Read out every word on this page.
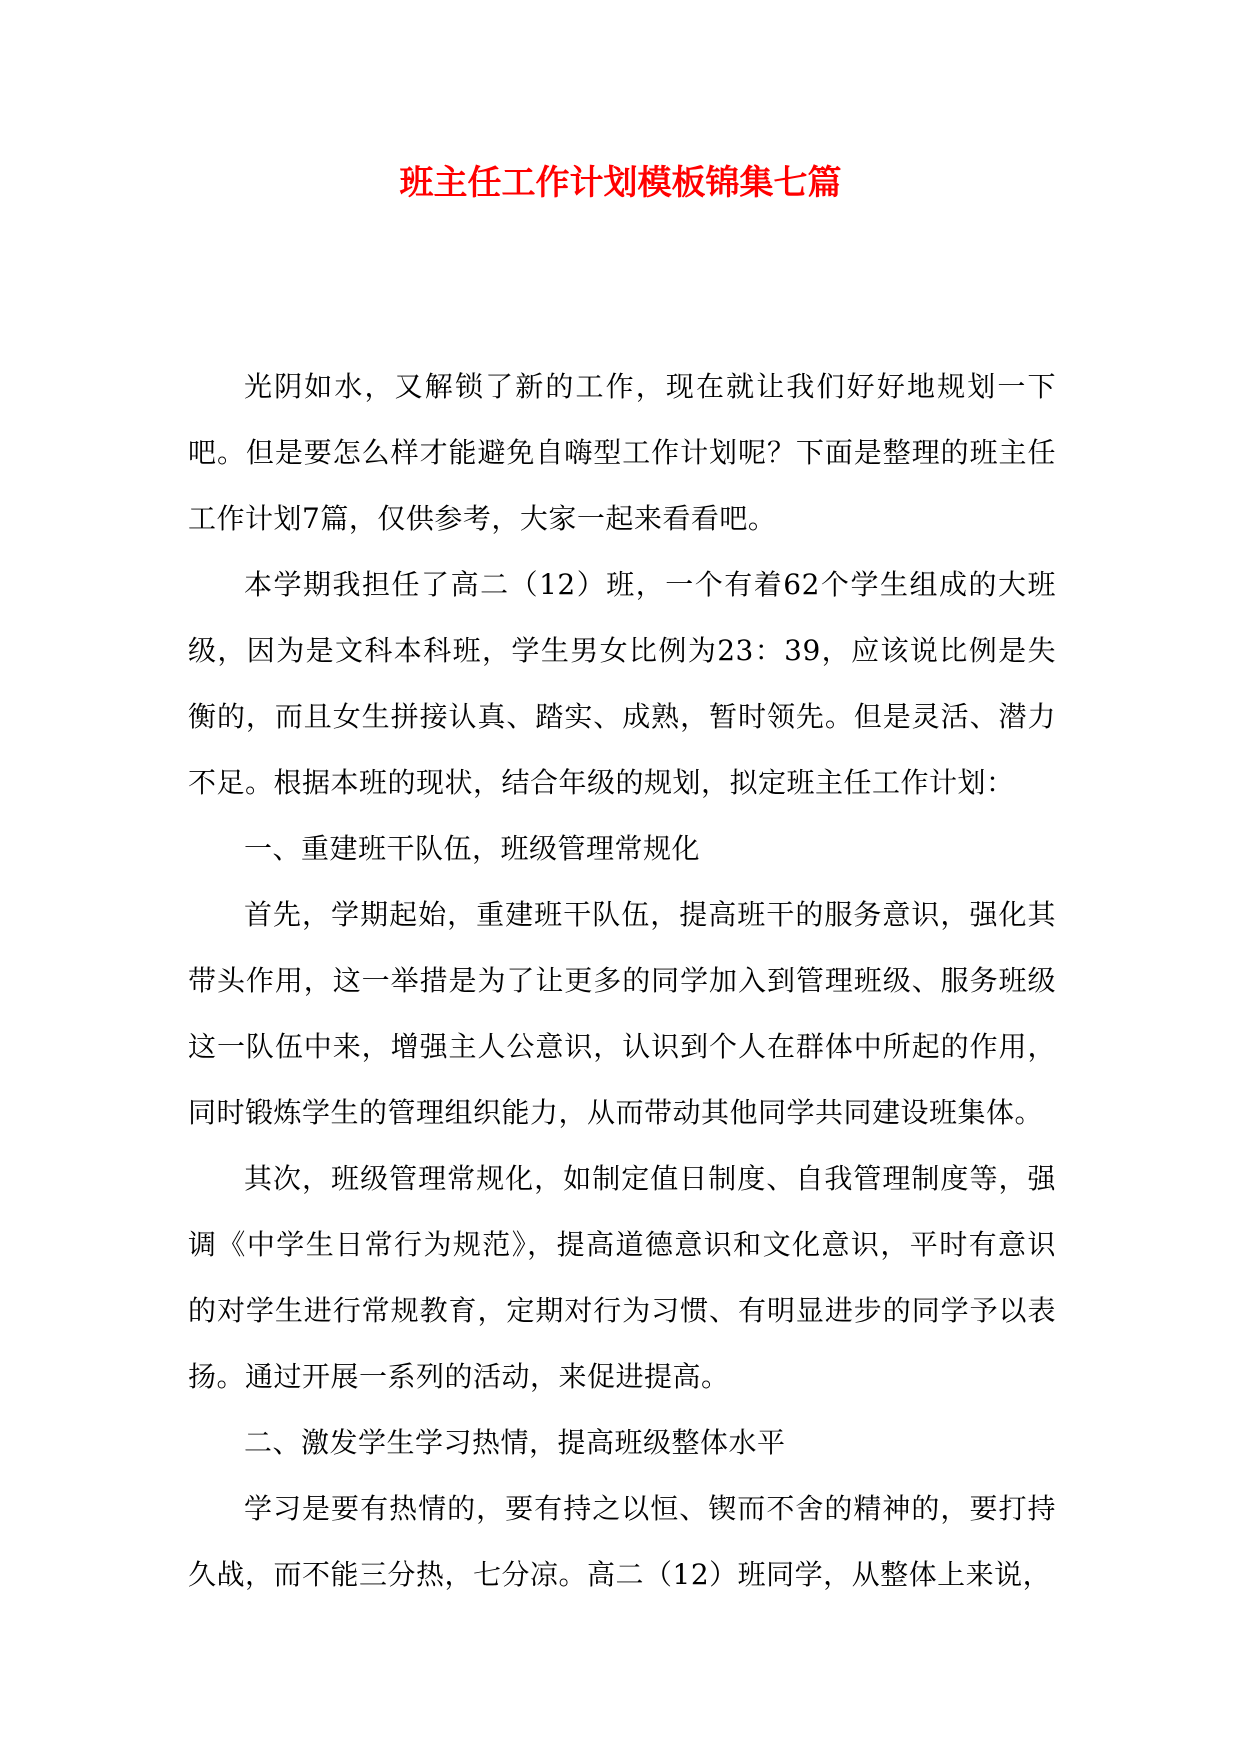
班主任工作计划模板锦集七篇

光阴如水，又解锁了新的工作，现在就让我们好好地规划一下吧。但是要怎么样才能避免自嗨型工作计划呢？下面是整理的班主任工作计划7篇，仅供参考，大家一起来看看吧。

本学期我担任了高二（12）班，一个有着62个学生组成的大班级，因为是文科本科班，学生男女比例为23：39，应该说比例是失衡的，而且女生拼接认真、踏实、成熟，暂时领先。但是灵活、潜力不足。根据本班的现状，结合年级的规划，拟定班主任工作计划：

一、重建班干队伍，班级管理常规化

首先，学期起始，重建班干队伍，提高班干的服务意识，强化其带头作用，这一举措是为了让更多的同学加入到管理班级、服务班级这一队伍中来，增强主人公意识，认识到个人在群体中所起的作用，同时锻炼学生的管理组织能力，从而带动其他同学共同建设班集体。

其次，班级管理常规化，如制定值日制度、自我管理制度等，强调《中学生日常行为规范》，提高道德意识和文化意识，平时有意识的对学生进行常规教育，定期对行为习惯、有明显进步的同学予以表扬。通过开展一系列的活动，来促进提高。

二、激发学生学习热情，提高班级整体水平

学习是要有热情的，要有持之以恒、锲而不舍的精神的，要打持久战，而不能三分热，七分凉。高二（12）班同学，从整体上来说，
